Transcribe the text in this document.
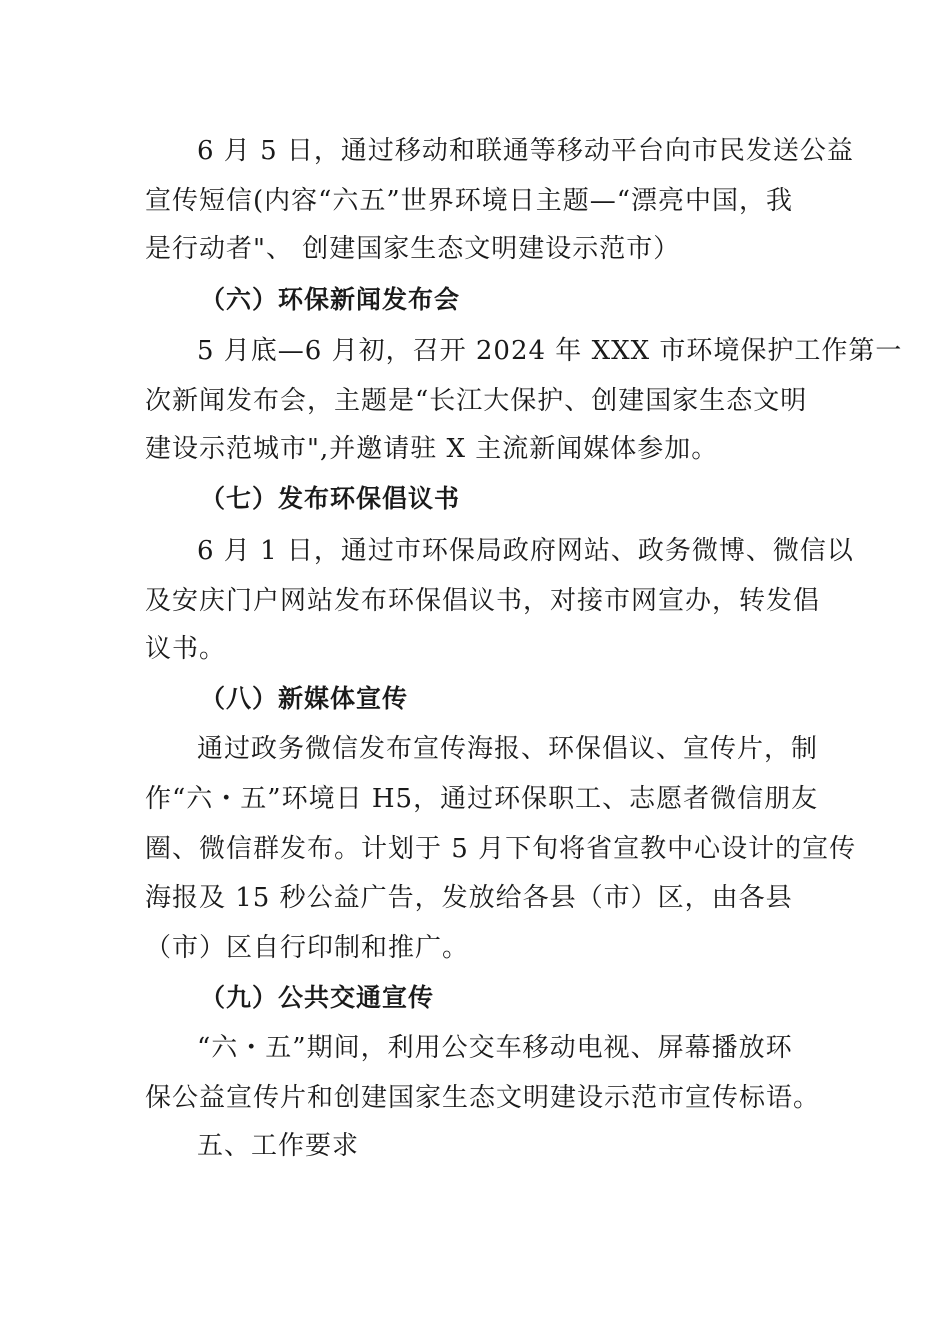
6 月 5 日，通过移动和联通等移动平台向市民发送公益
宣传短信(内容“六五”世界环境日主题—“漂亮中国，我
是行动者"、 创建国家生态文明建设示范市）
（六）环保新闻发布会
5 月底—6 月初，召开 2024 年 XXX 市环境保护工作第一
次新闻发布会，主题是“长江大保护、创建国家生态文明
建设示范城市",并邀请驻 X 主流新闻媒体参加。
（七）发布环保倡议书
6 月 1 日，通过市环保局政府网站、政务微博、微信以
及安庆门户网站发布环保倡议书，对接市网宣办，转发倡
议书。
（八）新媒体宣传
通过政务微信发布宣传海报、环保倡议、宣传片，制
作“六・五”环境日 H5，通过环保职工、志愿者微信朋友
圈、微信群发布。计划于 5 月下旬将省宣教中心设计的宣传
海报及 15 秒公益广告，发放给各县（市）区，由各县
（市）区自行印制和推广。
（九）公共交通宣传
“六・五”期间，利用公交车移动电视、屏幕播放环
保公益宣传片和创建国家生态文明建设示范市宣传标语。
五、工作要求
